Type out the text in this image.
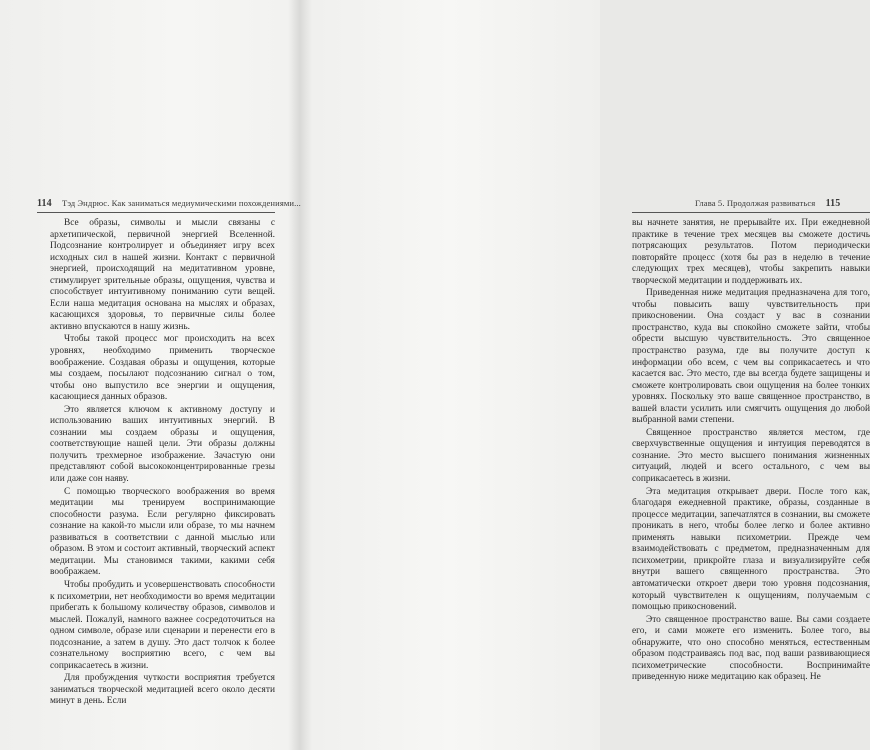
114 Тэд Эндрюс. Как заниматься медиумическими похождениями...

Все образы, символы и мысли связаны с архетипической, первичной энергией Вселенной. Подсознание контролирует и объединяет игру всех исходных сил в нашей жизни. Контакт с первичной энергией, происходящий на медитативном уровне, стимулирует зрительные образы, ощущения, чувства и способствует интуитивному пониманию сути вещей. Если наша медитация основана на мыслях и образах, касающихся здоровья, то первичные силы более активно впускаются в нашу жизнь.

Чтобы такой процесс мог происходить на всех уровнях, необходимо применить творческое воображение. Создавая образы и ощущения, которые мы создаем, посылают подсознанию сигнал о том, чтобы оно выпустило все энергии и ощущения, касающиеся данных образов.

Это является ключом к активному доступу и использованию ваших интуитивных энергий. В сознании мы создаем образы и ощущения, соответствующие нашей цели. Эти образы должны получить трехмерное изображение. Зачастую они представляют собой высококонцентрированные грезы или даже сон наяву.

С помощью творческого воображения во время медитации мы тренируем воспринимающие способности разума. Если регулярно фиксировать сознание на какой-то мысли или образе, то мы начнем развиваться в соответствии с данной мыслью или образом. В этом и состоит активный, творческий аспект медитации. Мы становимся такими, какими себя воображаем.

Чтобы пробудить и усовершенствовать способности к психометрии, нет необходимости во время медитации прибегать к большому количеству образов, символов и мыслей. Пожалуй, намного важнее сосредоточиться на одном символе, образе или сценарии и перенести его в подсознание, а затем в душу. Это даст толчок к более сознательному восприятию всего, с чем вы соприкасаетесь в жизни.

Для пробуждения чуткости восприятия требуется заниматься творческой медитацией всего около десяти минут в день. Если

Глава 5. Продолжая развиваться 115

вы начнете занятия, не прерывайте их. При ежедневной практике в течение трех месяцев вы сможете достичь потрясающих результатов. Потом периодически повторяйте процесс (хотя бы раз в неделю в течение следующих трех месяцев), чтобы закрепить навыки творческой медитации и поддерживать их.

Приведенная ниже медитация предназначена для того, чтобы повысить вашу чувствительность при прикосновении. Она создаст у вас в сознании пространство, куда вы спокойно сможете зайти, чтобы обрести высшую чувствительность. Это священное пространство разума, где вы получите доступ к информации обо всем, с чем вы соприкасаетесь и что касается вас. Это место, где вы всегда будете защищены и сможете контролировать свои ощущения на более тонких уровнях. Поскольку это ваше священное пространство, в вашей власти усилить или смягчить ощущения до любой выбранной вами степени.

Священное пространство является местом, где сверхчувственные ощущения и интуиция переводятся в сознание. Это место высшего понимания жизненных ситуаций, людей и всего остального, с чем вы соприкасаетесь в жизни.

Эта медитация открывает двери. После того как, благодаря ежедневной практике, образы, созданные в процессе медитации, запечатлятся в сознании, вы сможете проникать в него, чтобы более легко и более активно применять навыки психометрии. Прежде чем взаимодействовать с предметом, предназначенным для психометрии, прикройте глаза и визуализируйте себя внутри вашего священного пространства. Это автоматически откроет двери тою уровня подсознания, который чувствителен к ощущениям, получаемым с помощью прикосновений.

Это священное пространство ваше. Вы сами создаете его, и сами можете его изменить. Более того, вы обнаружите, что оно способно меняться, естественным образом подстраиваясь под вас, под ваши развивающиеся психометрические способности. Воспринимайте приведенную ниже медитацию как образец. Не
